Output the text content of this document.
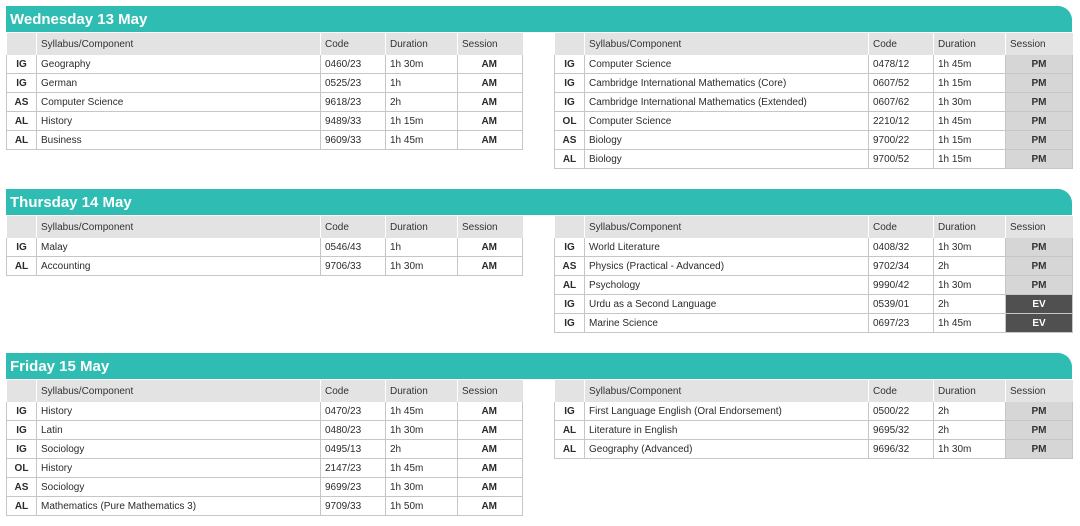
Wednesday 13 May
	Syllabus/Component	Code	Duration	Session
IG	Geography	0460/23	1h 30m	AM
IG	German	0525/23	1h	AM
AS	Computer Science	9618/23	2h	AM
AL	History	9489/33	1h 15m	AM
AL	Business	9609/33	1h 45m	AM
	Syllabus/Component	Code	Duration	Session
IG	Computer Science	0478/12	1h 45m	PM
IG	Cambridge International Mathematics (Core)	0607/52	1h 15m	PM
IG	Cambridge International Mathematics (Extended)	0607/62	1h 30m	PM
OL	Computer Science	2210/12	1h 45m	PM
AS	Biology	9700/22	1h 15m	PM
AL	Biology	9700/52	1h 15m	PM
Thursday 14 May
	Syllabus/Component	Code	Duration	Session
IG	Malay	0546/43	1h	AM
AL	Accounting	9706/33	1h 30m	AM
	Syllabus/Component	Code	Duration	Session
IG	World Literature	0408/32	1h 30m	PM
AS	Physics (Practical - Advanced)	9702/34	2h	PM
AL	Psychology	9990/42	1h 30m	PM
IG	Urdu as a Second Language	0539/01	2h	EV
IG	Marine Science	0697/23	1h 45m	EV
Friday 15 May
	Syllabus/Component	Code	Duration	Session
IG	History	0470/23	1h 45m	AM
IG	Latin	0480/23	1h 30m	AM
IG	Sociology	0495/13	2h	AM
OL	History	2147/23	1h 45m	AM
AS	Sociology	9699/23	1h 30m	AM
AL	Mathematics (Pure Mathematics 3)	9709/33	1h 50m	AM
	Syllabus/Component	Code	Duration	Session
IG	First Language English (Oral Endorsement)	0500/22	2h	PM
AL	Literature in English	9695/32	2h	PM
AL	Geography (Advanced)	9696/32	1h 30m	PM
